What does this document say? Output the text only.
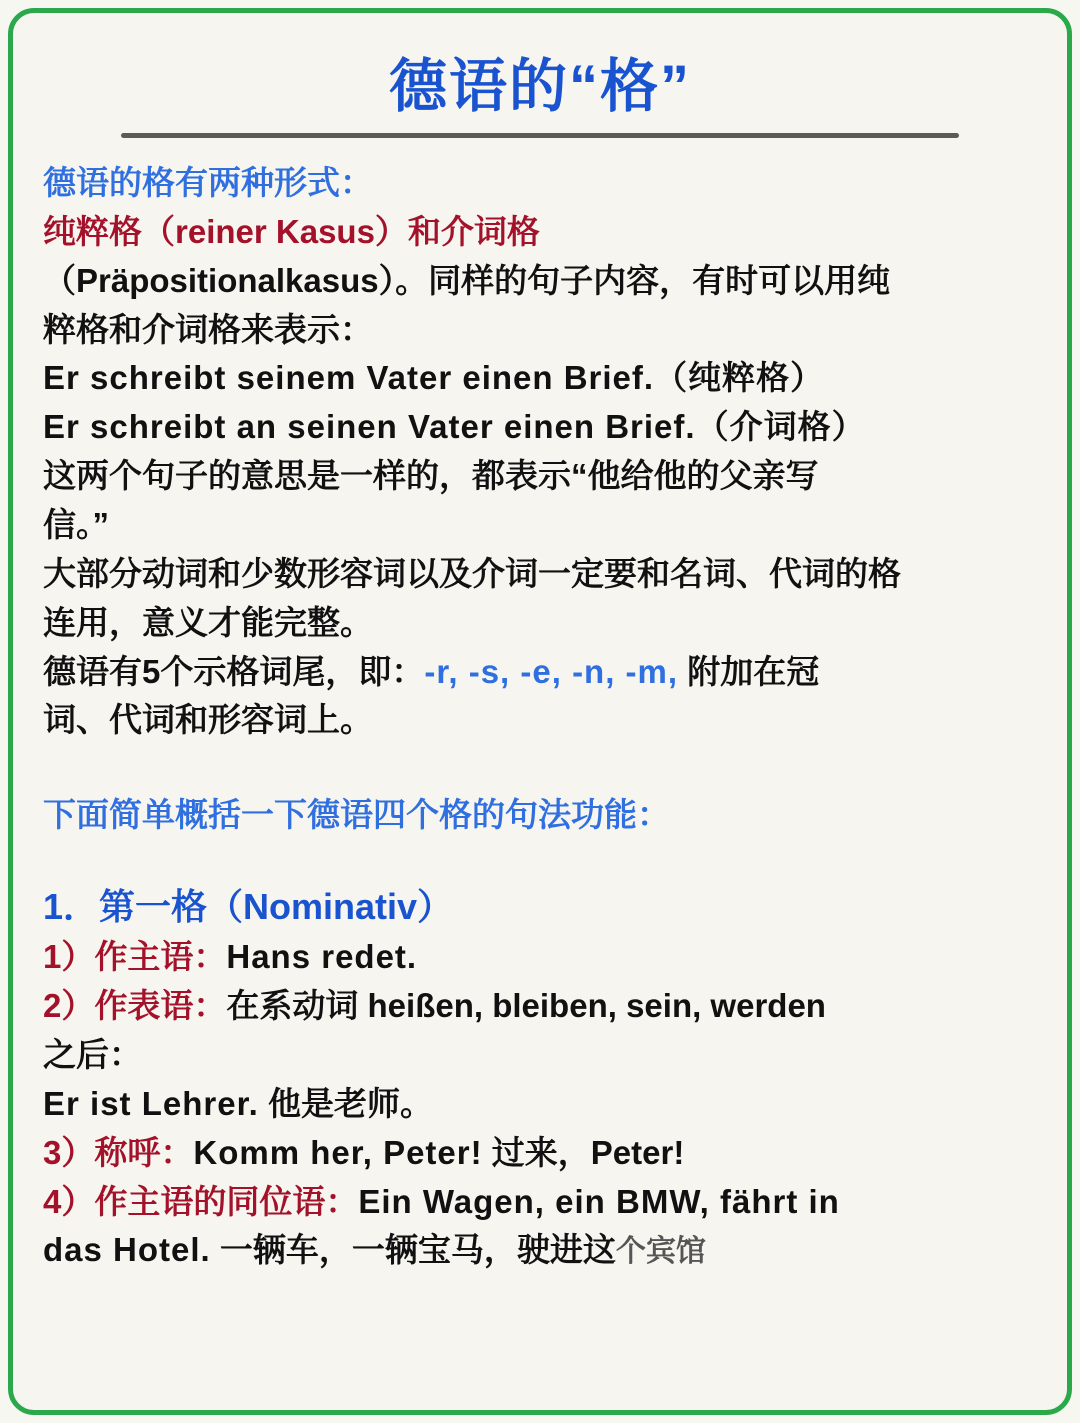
德语的“格”

德语的格有两种形式：

纯粹格（reiner Kasus）和介词格

（Präpositionalkasus）。同样的句子内容，有时可以用纯

粹格和介词格来表示：

Er schreibt seinem Vater einen Brief.（纯粹格）

Er schreibt an seinen Vater einen Brief.（介词格）

这两个句子的意思是一样的，都表示“他给他的父亲写

信。”

大部分动词和少数形容词以及介词一定要和名词、代词的格

连用，意义才能完整。

德语有5个示格词尾，即：-r, -s, -e, -n, -m, 附加在冠

词、代词和形容词上。

下面简单概括一下德语四个格的句法功能：

1．第一格（Nominativ）

1）作主语：Hans redet.

2）作表语：在系动词 heißen, bleiben, sein, werden

之后：

Er ist Lehrer. 他是老师。

3）称呼：Komm her, Peter! 过来，Peter!

4）作主语的同位语：Ein Wagen, ein BMW, fährt in

das Hotel. 一辆车，一辆宝马，驶进这个宾馆
